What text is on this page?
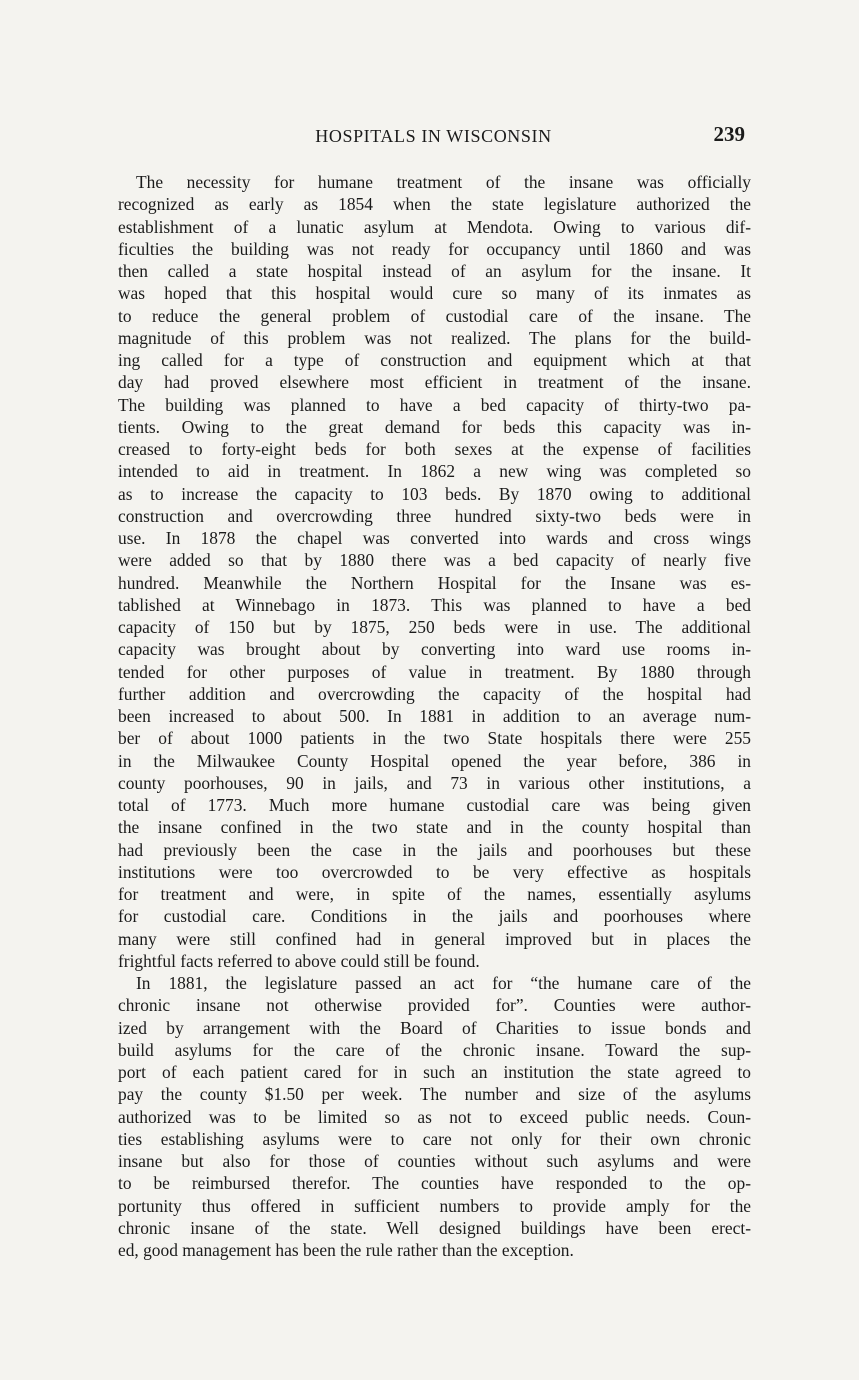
HOSPITALS IN WISCONSIN	239
The necessity for humane treatment of the insane was officially
recognized as early as 1854 when the state legislature authorized the
establishment of a lunatic asylum at Mendota. Owing to various dif-
ficulties the building was not ready for occupancy until 1860 and was
then called a state hospital instead of an asylum for the insane. It
was hoped that this hospital would cure so many of its inmates as
to reduce the general problem of custodial care of the insane. The
magnitude of this problem was not realized. The plans for the build-
ing called for a type of construction and equipment which at that
day had proved elsewhere most efficient in treatment of the insane.
The building was planned to have a bed capacity of thirty-two pa-
tients. Owing to the great demand for beds this capacity was in-
creased to forty-eight beds for both sexes at the expense of facilities
intended to aid in treatment. In 1862 a new wing was completed so
as to increase the capacity to 103 beds. By 1870 owing to additional
construction and overcrowding three hundred sixty-two beds were in
use. In 1878 the chapel was converted into wards and cross wings
were added so that by 1880 there was a bed capacity of nearly five
hundred. Meanwhile the Northern Hospital for the Insane was es-
tablished at Winnebago in 1873. This was planned to have a bed
capacity of 150 but by 1875, 250 beds were in use. The additional
capacity was brought about by converting into ward use rooms in-
tended for other purposes of value in treatment. By 1880 through
further addition and overcrowding the capacity of the hospital had
been increased to about 500. In 1881 in addition to an average num-
ber of about 1000 patients in the two State hospitals there were 255
in the Milwaukee County Hospital opened the year before, 386 in
county poorhouses, 90 in jails, and 73 in various other institutions, a
total of 1773. Much more humane custodial care was being given
the insane confined in the two state and in the county hospital than
had previously been the case in the jails and poorhouses but these
institutions were too overcrowded to be very effective as hospitals
for treatment and were, in spite of the names, essentially asylums
for custodial care. Conditions in the jails and poorhouses where
many were still confined had in general improved but in places the
frightful facts referred to above could still be found.
In 1881, the legislature passed an act for “the humane care of the
chronic insane not otherwise provided for”. Counties were author-
ized by arrangement with the Board of Charities to issue bonds and
build asylums for the care of the chronic insane. Toward the sup-
port of each patient cared for in such an institution the state agreed to
pay the county $1.50 per week. The number and size of the asylums
authorized was to be limited so as not to exceed public needs. Coun-
ties establishing asylums were to care not only for their own chronic
insane but also for those of counties without such asylums and were
to be reimbursed therefor. The counties have responded to the op-
portunity thus offered in sufficient numbers to provide amply for the
chronic insane of the state. Well designed buildings have been erect-
ed, good management has been the rule rather than the exception.
